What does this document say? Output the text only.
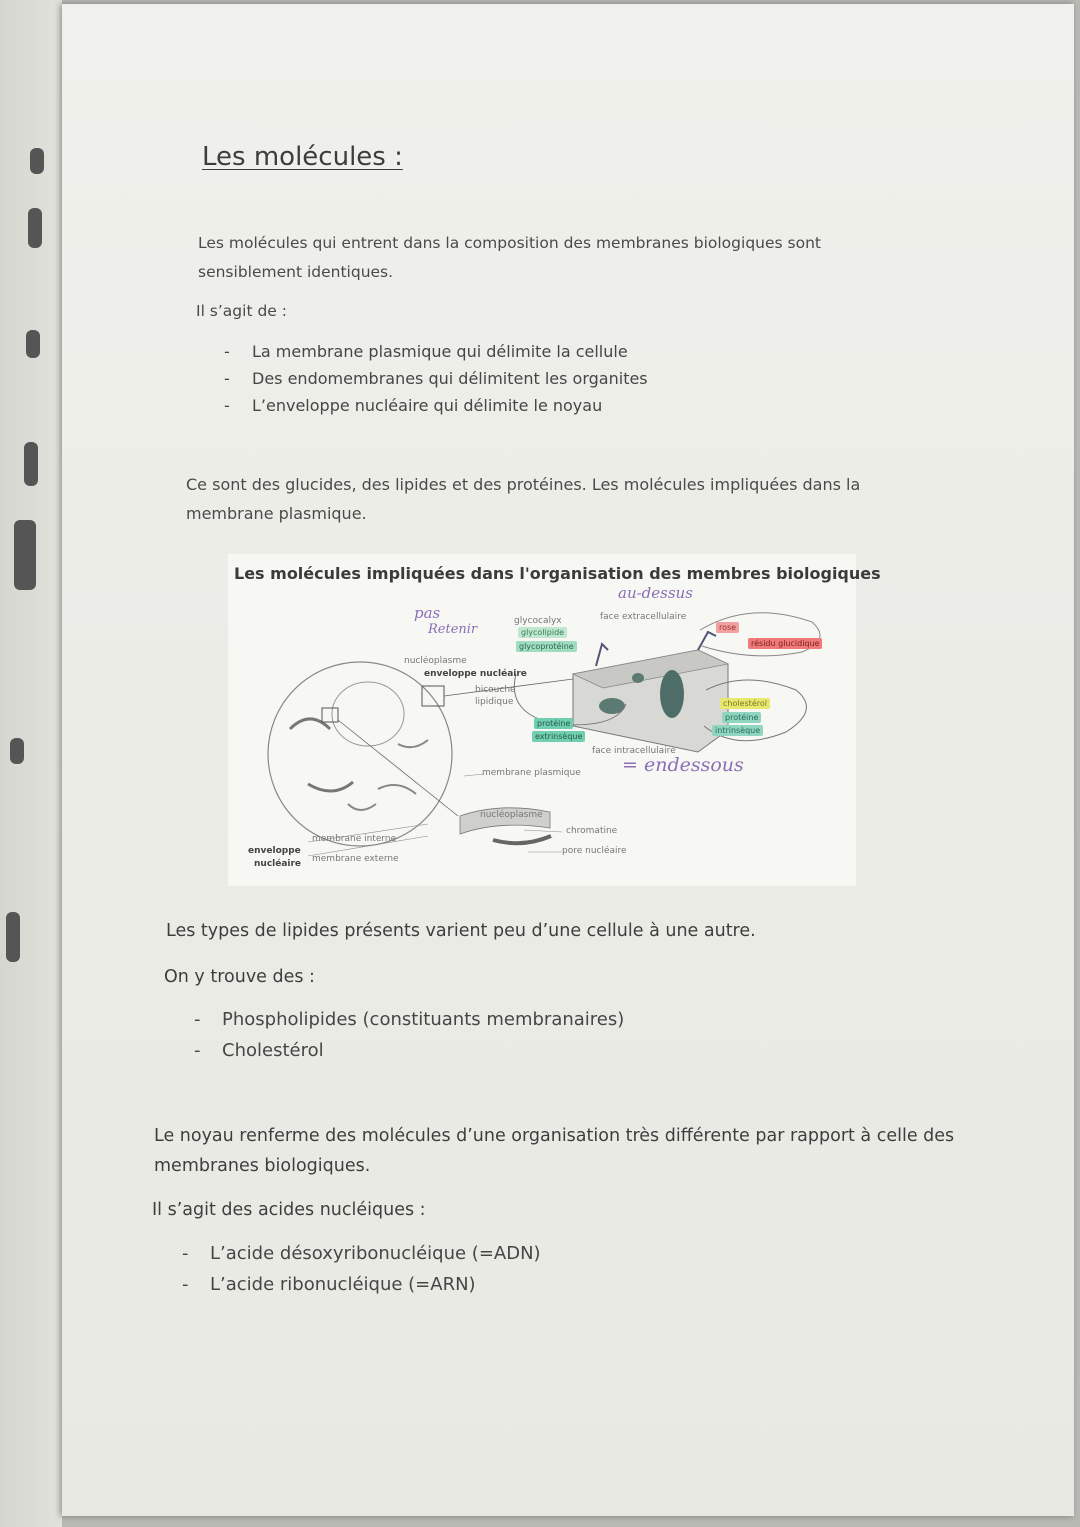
Les molécules :
Les molécules qui entrent dans la composition des membranes biologiques sont
sensiblement identiques.
Il s’agit de :
- La membrane plasmique qui délimite la cellule
- Des endomembranes qui délimitent les organites
- L’enveloppe nucléaire qui délimite le noyau
Ce sont des glucides, des lipides et des protéines. Les molécules impliquées dans la
membrane plasmique.
Les molécules impliquées dans l'organisation des membres biologiques
pas
Retenir
au-dessus
= endessous
nucléoplasme
enveloppe nucléaire
bicouche
lipidique
glycocalyx
glycolipide
glycoprotéine
face extracellulaire
rose
résidu glucidique
cholestérol
protéine
intrinsèque
protéine
extrinsèque
face intracellulaire
membrane plasmique
nucléoplasme
chromatine
pore nucléaire
membrane interne
membrane externe
enveloppe
nucléaire
Les types de lipides présents varient peu d’une cellule à une autre.
On y trouve des :
- Phospholipides (constituants membranaires)
- Cholestérol
Le noyau renferme des molécules d’une organisation très différente par rapport à celle des
membranes biologiques.
Il s’agit des acides nucléiques :
- L’acide désoxyribonucléique (=ADN)
- L’acide ribonucléique (=ARN)
